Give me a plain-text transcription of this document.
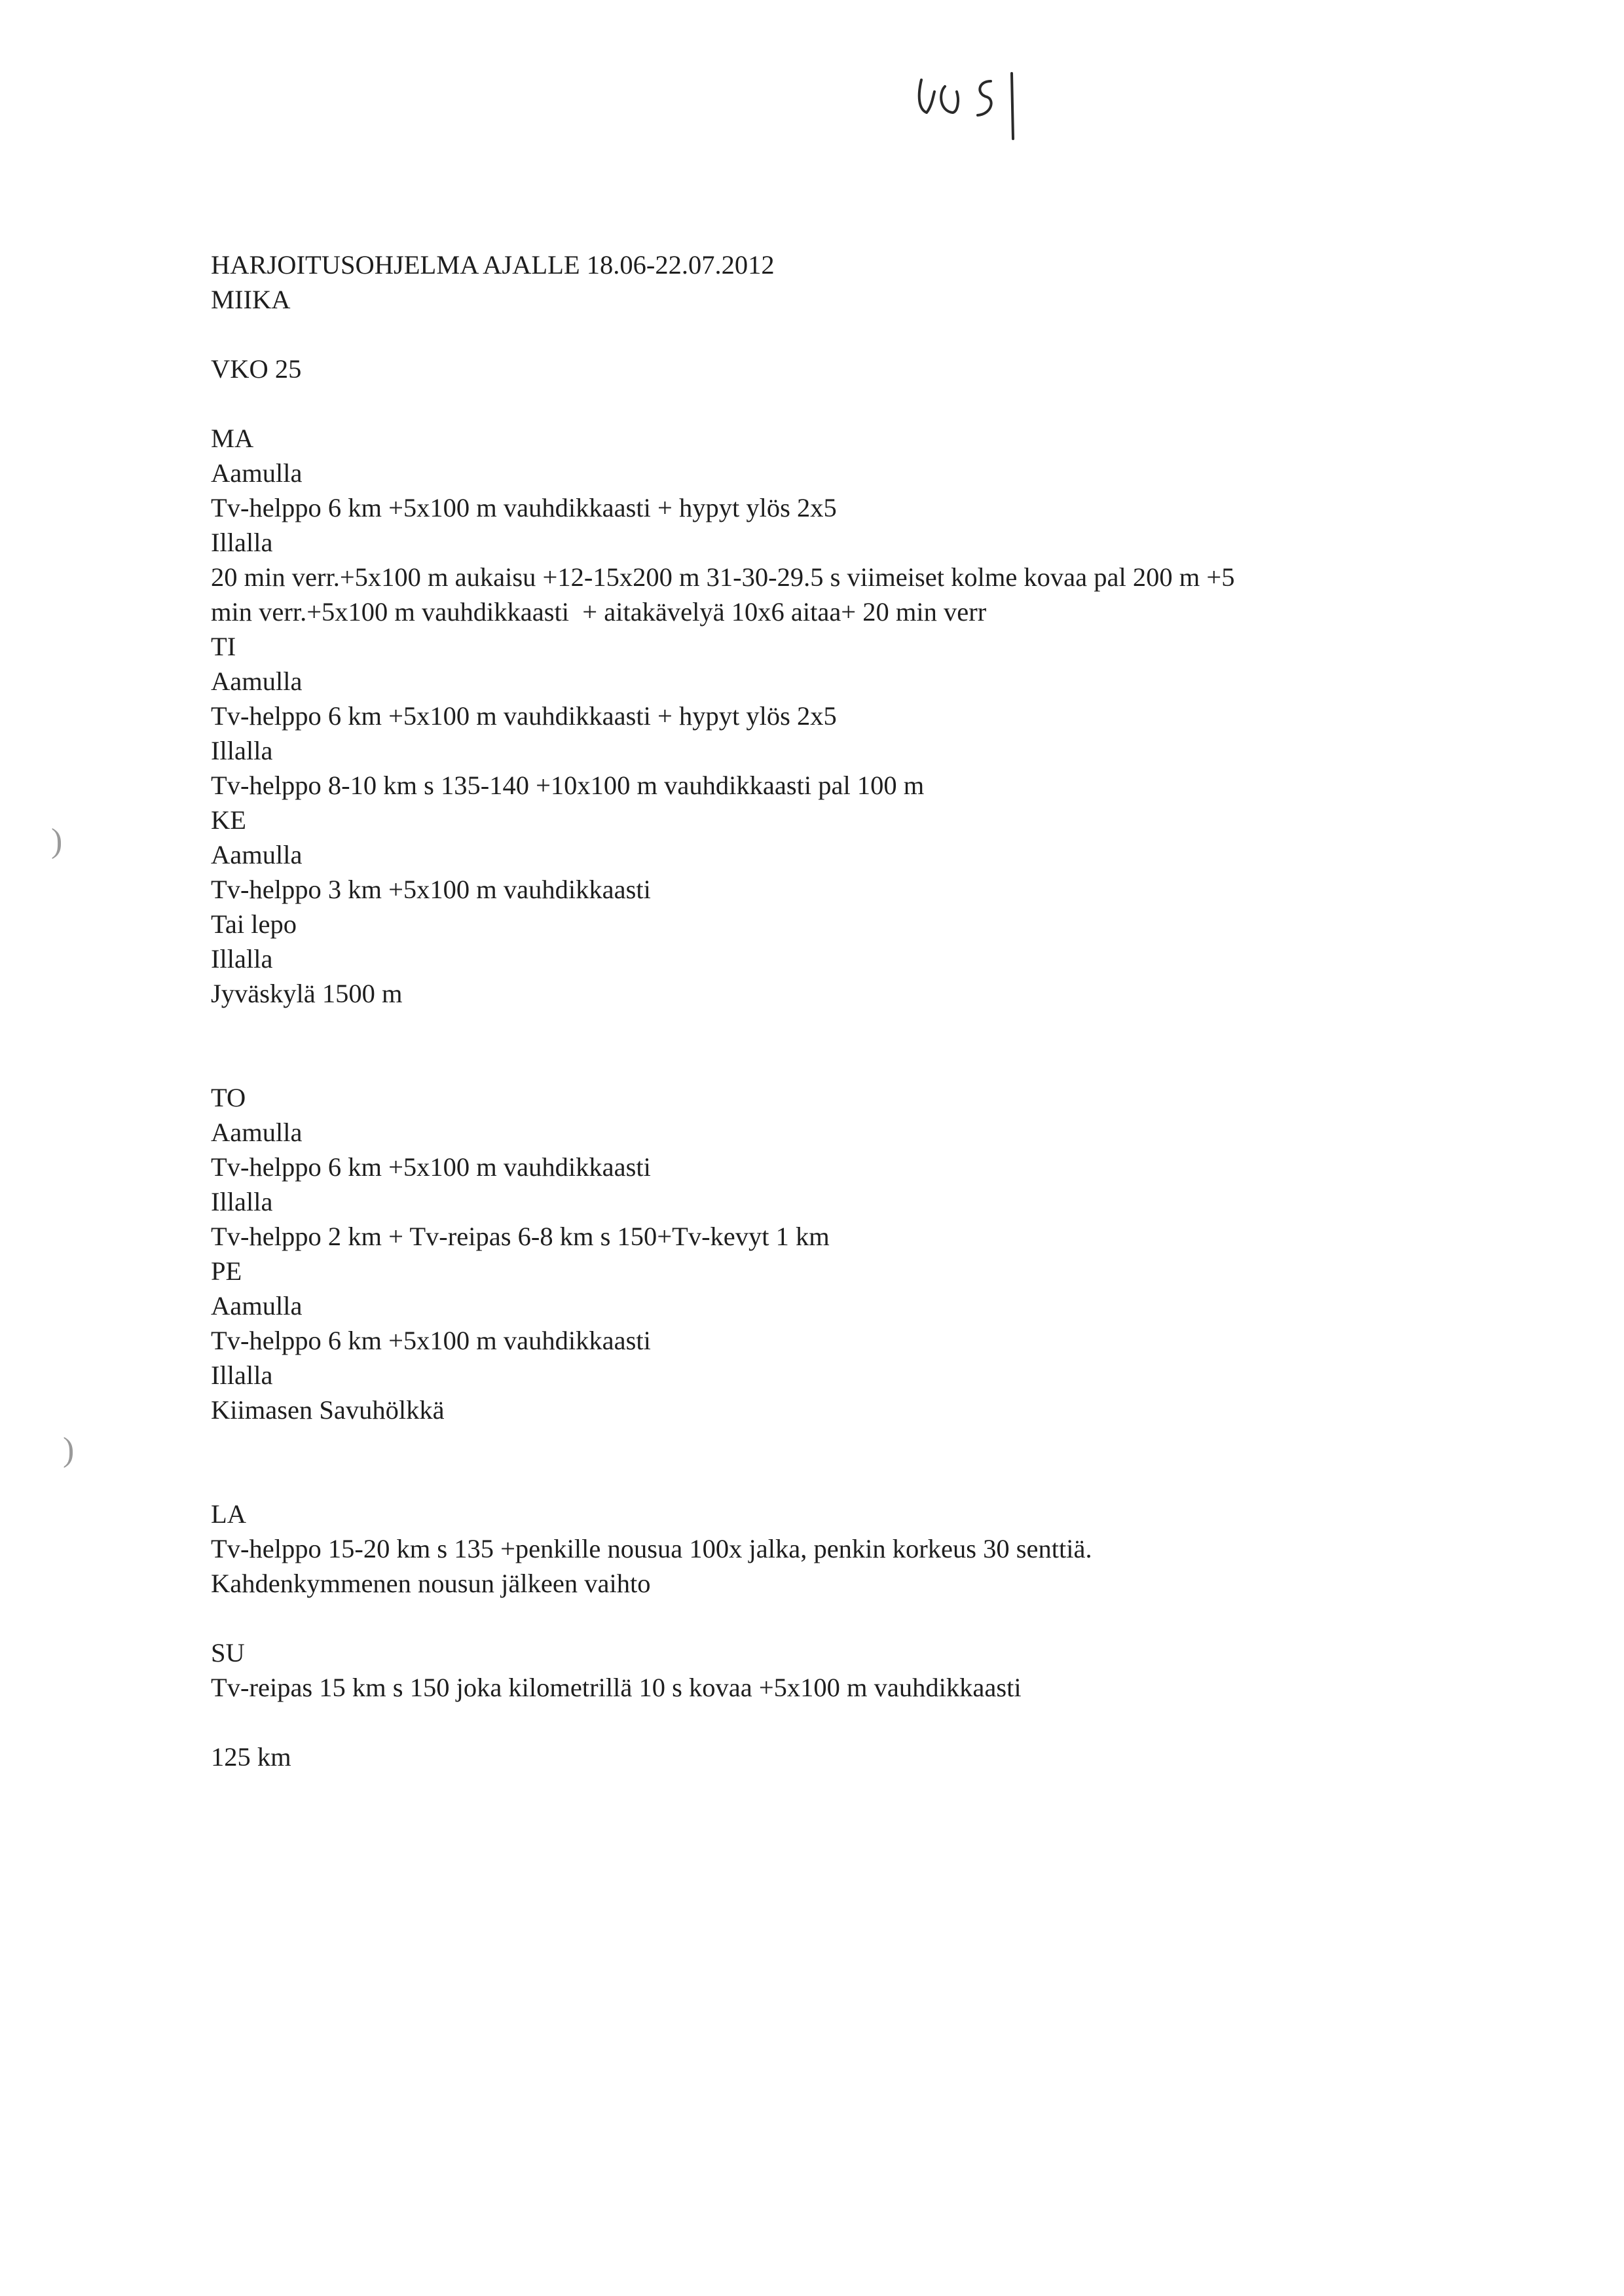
)
)
HARJOITUSOHJELMA AJALLE 18.06-22.07.2012
MIIKA
VKO 25
MA
Aamulla
Tv-helppo 6 km +5x100 m vauhdikkaasti + hypyt ylös 2x5
Illalla
20 min verr.+5x100 m aukaisu +12-15x200 m 31-30-29.5 s viimeiset kolme kovaa pal 200 m +5
min verr.+5x100 m vauhdikkaasti  + aitakävelyä 10x6 aitaa+ 20 min verr
TI
Aamulla
Tv-helppo 6 km +5x100 m vauhdikkaasti + hypyt ylös 2x5
Illalla
Tv-helppo 8-10 km s 135-140 +10x100 m vauhdikkaasti pal 100 m
KE
Aamulla
Tv-helppo 3 km +5x100 m vauhdikkaasti
Tai lepo
Illalla
Jyväskylä 1500 m
TO
Aamulla
Tv-helppo 6 km +5x100 m vauhdikkaasti
Illalla
Tv-helppo 2 km + Tv-reipas 6-8 km s 150+Tv-kevyt 1 km
PE
Aamulla
Tv-helppo 6 km +5x100 m vauhdikkaasti
Illalla
Kiimasen Savuhölkkä
LA
Tv-helppo 15-20 km s 135 +penkille nousua 100x jalka, penkin korkeus 30 senttiä.
Kahdenkymmenen nousun jälkeen vaihto
SU
Tv-reipas 15 km s 150 joka kilometrillä 10 s kovaa +5x100 m vauhdikkaasti
125 km
